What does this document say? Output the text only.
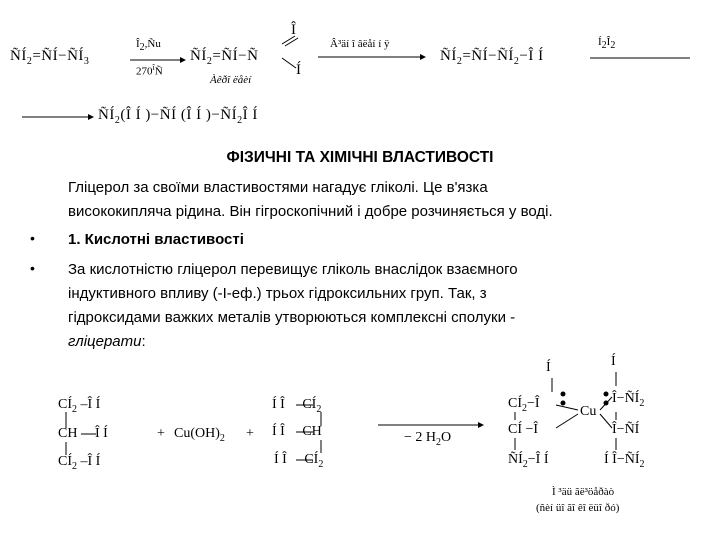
$ÑÍ_2=ÑÍ-ÑÍ_3$
Î2,Ñu
$270^îÑ$
$ÑÍ_2=ÑÍ-Ñ$
Î
Í
Àêðî ëåèí
Â³äí î âëåí í ÿ
$ÑÍ_2=ÑÍ-ÑÍ_2-Î$ Í
Í2Î2
$ÑÍ_2(Î$ Í )−ÑÍ (Î Í )$-ÑÍ_2Î$ Í
ФІЗИЧНІ ТА ХІМІЧНІ ВЛАСТИВОСТІ
Гліцерол за своїми властивостями нагадує гліколі. Це в'язка
висококипляча рідина. Він гігроскопічний і добре розчиняється у воді.
• 1. Кислотні властивості
• За кислотністю гліцерол перевищує гліколь внаслідок взаємного
індуктивного впливу (-І-еф.) трьох гідроксильних груп. Так, з
гідроксидами важких металів утворюються комплексні сполуки -
гліцерати:
$CÍ_2$ –Î Í
CH Î Í
$CÍ_2$ –Î Í
+ $Cu(OH)_2$ +
Í Î $CÍ_2$
Í Î CH
Í Î $CÍ_2$
− 2 $H_2O$
Í	Í
$CÍ_2-Î$	$Î-ÑÍ_2$
Cu
CÍ −Î	Î−ÑÍ
$ÑÍ_2-Î$ Í	Í $Î-ÑÍ_2$
Ì ³äü ãë³öåðàò
(ñèí üî ãî êî ëüî ðó)
